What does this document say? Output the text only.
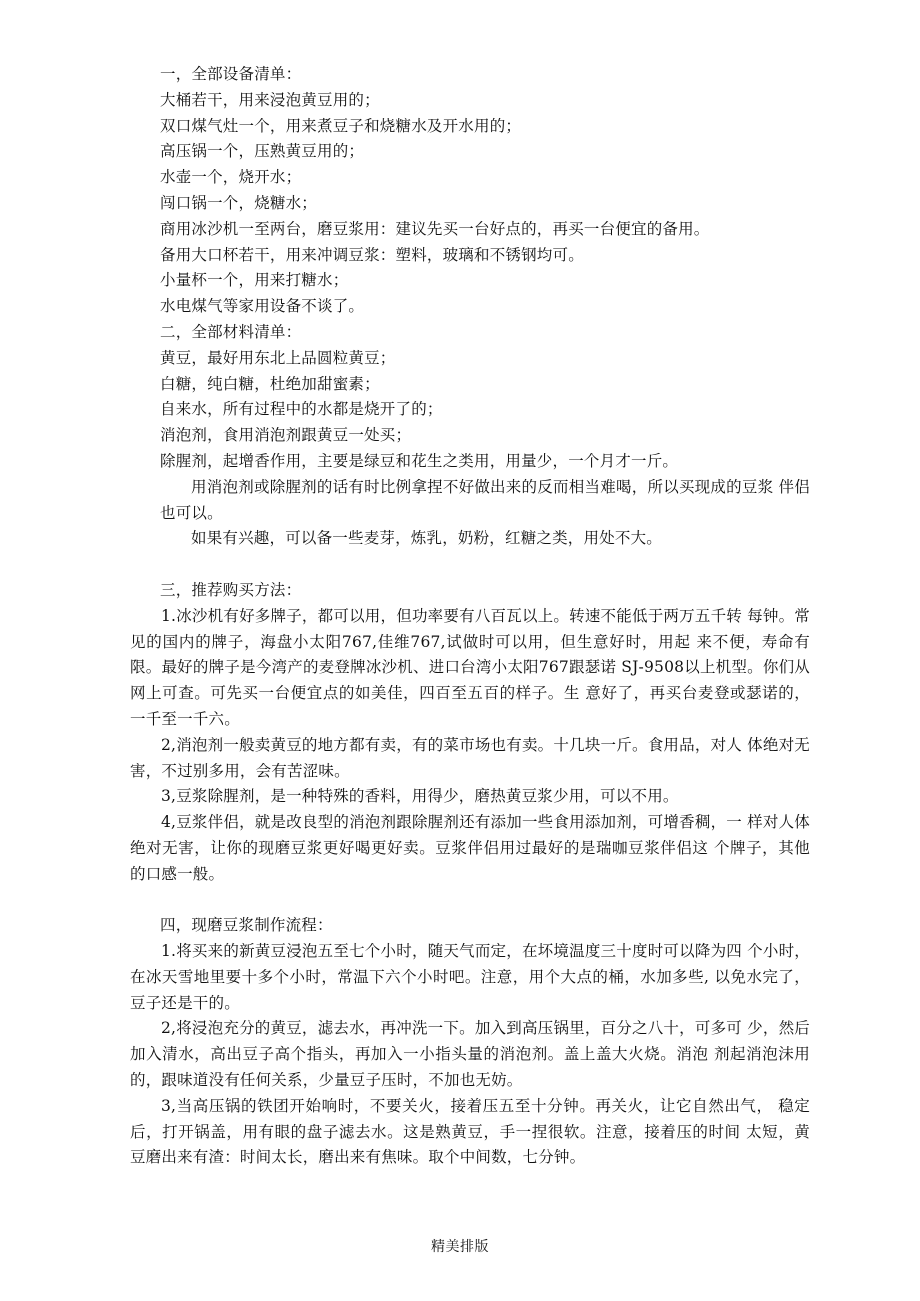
一，全部设备清单：

大桶若干，用来浸泡黄豆用的；

双口煤气灶一个，用来煮豆子和烧糖水及开水用的；

高压锅一个，压熟黄豆用的；

水壶一个，烧开水；

闯口锅一个，烧糖水；

商用冰沙机一至两台，磨豆浆用：建议先买一台好点的，再买一台便宜的备用。

备用大口杯若干，用来冲调豆浆：塑料，玻璃和不锈钢均可。

小量杯一个，用来打糖水；

水电煤气等家用设备不谈了。

二，全部材料清单：

黄豆，最好用东北上品圆粒黄豆；

白糖，纯白糖，杜绝加甜蜜素；

自来水，所有过程中的水都是烧开了的；

消泡剂，食用消泡剂跟黄豆一处买；

除腥剂，起增香作用，主要是绿豆和花生之类用，用量少，一个月才一斤。

用消泡剂或除腥剂的话有时比例拿捏不好做出来的反而相当难喝，所以买现成的豆浆 伴侣也可以。

如果有兴趣，可以备一些麦芽，炼乳，奶粉，红糖之类，用处不大。

三，推荐购买方法：

1.冰沙机有好多牌子，都可以用，但功率要有八百瓦以上。转速不能低于两万五千转 每钟。常见的国内的牌子，海盘小太阳767,佳维767,试做时可以用，但生意好时，用起 来不便，寿命有限。最好的牌子是今湾产的麦登牌冰沙机、进口台湾小太阳767跟瑟诺 SJ-9508以上机型。你们从网上可查。可先买一台便宜点的如美佳，四百至五百的样子。生 意好了，再买台麦登或瑟诺的，一千至一千六。

2,消泡剂一般卖黄豆的地方都有卖，有的菜市场也有卖。十几块一斤。食用品，对人 体绝对无害，不过别多用，会有苦涩味。

3,豆浆除腥剂，是一种特殊的香料，用得少，磨热黄豆浆少用，可以不用。

4,豆浆伴侣，就是改良型的消泡剂跟除腥剂还有添加一些食用添加剂，可增香稠，一 样对人体绝对无害，让你的现磨豆浆更好喝更好卖。豆浆伴侣用过最好的是瑞咖豆浆伴侣这 个牌子，其他的口感一般。

四，现磨豆浆制作流程：

1.将买来的新黄豆浸泡五至七个小时，随天气而定，在坏境温度三十度时可以降为四 个小时，在冰天雪地里要十多个小时，常温下六个小时吧。注意，用个大点的桶，水加多些, 以免水完了，豆子还是干的。

2,将浸泡充分的黄豆，滤去水，再冲洗一下。加入到高压锅里，百分之八十，可多可 少，然后加入清水，高出豆子高个指头，再加入一小指头量的消泡剂。盖上盖大火烧。消泡 剂起消泡沫用的，跟味道没有任何关系，少量豆子压时，不加也无妨。

3,当高压锅的铁团开始响时，不要关火，接着压五至十分钟。再关火，让它自然出气， 稳定后，打开锅盖，用有眼的盘子滤去水。这是熟黄豆，手一捏很软。注意，接着压的时间 太短，黄豆磨出来有渣：时间太长，磨出来有焦味。取个中间数，七分钟。

精美排版
